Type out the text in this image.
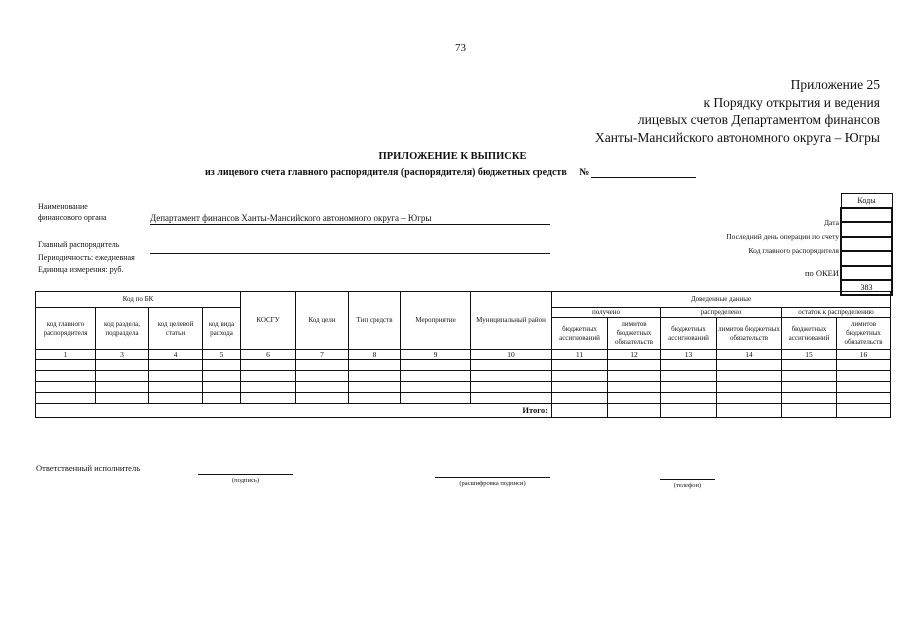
73
Приложение 25
к Порядку открытия и ведения
лицевых счетов Департаментом финансов
Ханты-Мансийского автономного округа – Югры
ПРИЛОЖЕНИЕ К ВЫПИСКЕ
из лицевого счета главного распорядителя (распорядителя) бюджетных средств №
Наименование
финансового органа	Департамент финансов Ханты-Мансийского автономного округа – Югры
Главный распорядитель
Периодичность: ежедневная
Единица измерения: руб.
Дата
Последний день операции по счету
Код главного распорядителя
по ОКЕИ
Коды

383
Код по БК				КОСГУ	Код цели	Тип средств	Мероприятие	Муниципальный район	Доведенные данные					
код главного распорядителя	код раздела, подраздела	код целевой статьи	код вида расхода						получено		распределено		остаток к распределению	
									бюджетных ассигнований	лимитов бюджетных обязательств	бюджетных ассигнований	лимитов бюджетных обязательств	бюджетных ассигнований	лимитов бюджетных обязательств
1	3	4	5	6	7	8	9	10	11	12	13	14	15	16

Итого:														
Ответственный исполнитель
(подпись)	(расшифровка подписи)	(телефон)
